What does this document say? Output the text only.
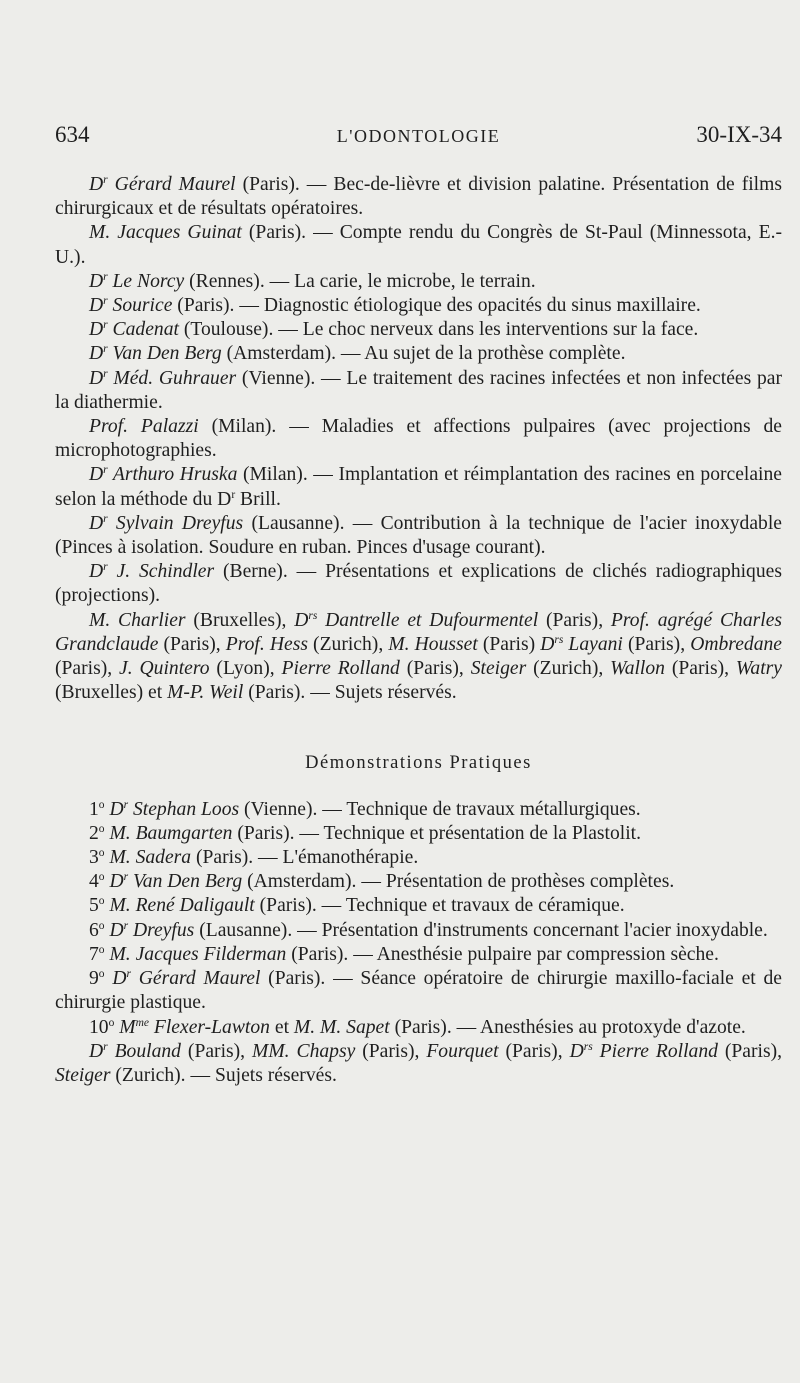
634	L'ODONTOLOGIE	30-IX-34

$D^r$ Gérard Maurel (Paris). — Bec-de-lièvre et division palatine. Présentation de films chirurgicaux et de résultats opératoires.

M. Jacques Guinat (Paris). — Compte rendu du Congrès de St-Paul (Minnessota, E.-U.).

$D^r$ Le Norcy (Rennes). — La carie, le microbe, le terrain.

$D^r$ Sourice (Paris). — Diagnostic étiologique des opacités du sinus maxillaire.

$D^r$ Cadenat (Toulouse). — Le choc nerveux dans les interventions sur la face.

$D^r$ Van Den Berg (Amsterdam). — Au sujet de la prothèse complète.

$D^r$ Méd. Guhrauer (Vienne). — Le traitement des racines infectées et non infectées par la diathermie.

Prof. Palazzi (Milan). — Maladies et affections pulpaires (avec projections de microphotographies.

$D^r$ Arthuro Hruska (Milan). — Implantation et réimplantation des racines en porcelaine selon la méthode du $D^r$ Brill.

$D^r$ Sylvain Dreyfus (Lausanne). — Contribution à la technique de l'acier inoxydable (Pinces à isolation. Soudure en ruban. Pinces d'usage courant).

$D^r$ J. Schindler (Berne). — Présentations et explications de clichés radiographiques (projections).

M. Charlier (Bruxelles), $D^{rs}$ Dantrelle et Dufourmentel (Paris), Prof. agrégé Charles Grandclaude (Paris), Prof. Hess (Zurich), M. Housset (Paris) $D^{rs}$ Layani (Paris), Ombredane (Paris), J. Quintero (Lyon), Pierre Rolland (Paris), Steiger (Zurich), Wallon (Paris), Watry (Bruxelles) et M-P. Weil (Paris). — Sujets réservés.

Démonstrations Pratiques

1$^o$ $D^r$ Stephan Loos (Vienne). — Technique de travaux métallurgiques.

2$^o$ M. Baumgarten (Paris). — Technique et présentation de la Plastolit.

3$^o$ M. Sadera (Paris). — L'émanothérapie.

4$^o$ $D^r$ Van Den Berg (Amsterdam). — Présentation de prothèses complètes.

5$^o$ M. René Daligault (Paris). — Technique et travaux de céramique.

6$^o$ $D^r$ Dreyfus (Lausanne). — Présentation d'instruments concernant l'acier inoxydable.

7$^o$ M. Jacques Filderman (Paris). — Anesthésie pulpaire par compression sèche.

9$^o$ $D^r$ Gérard Maurel (Paris). — Séance opératoire de chirurgie maxillo-faciale et de chirurgie plastique.

10$^o$ $M^{me}$ Flexer-Lawton et M. M. Sapet (Paris). — Anesthésies au protoxyde d'azote.

$D^r$ Bouland (Paris), MM. Chapsy (Paris), Fourquet (Paris), $D^{rs}$ Pierre Rolland (Paris), Steiger (Zurich). — Sujets réservés.
